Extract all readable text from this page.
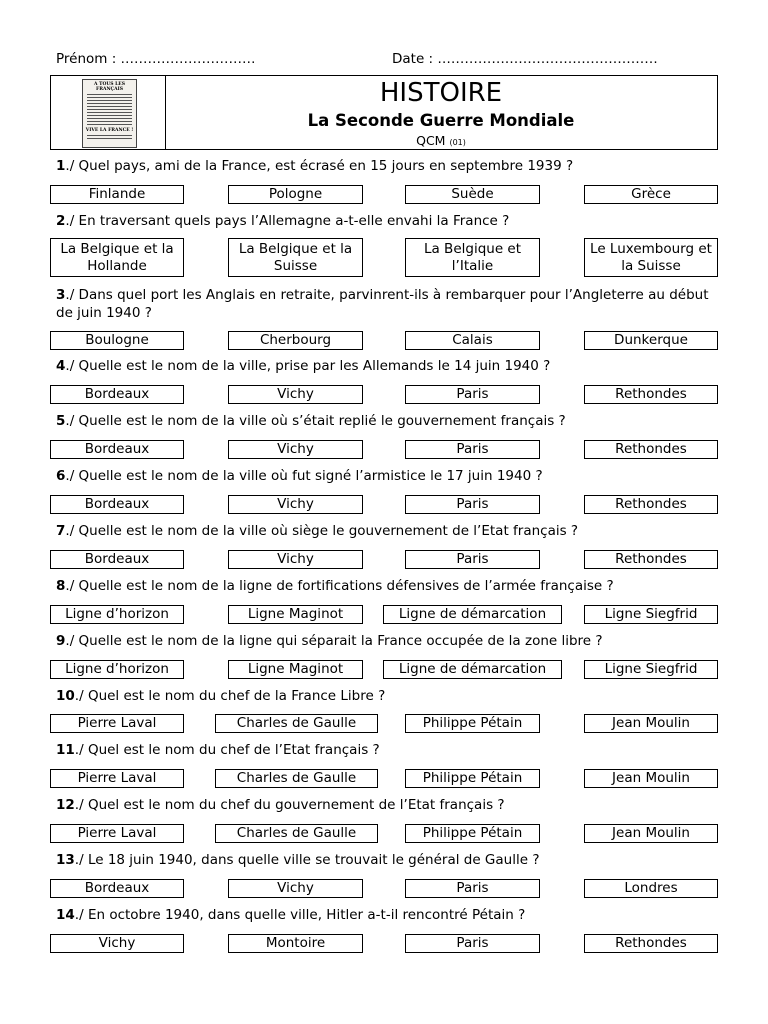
Prénom : …………………………	Date : …………….……………………………
A TOUS LES FRANÇAIS
VIVE LA FRANCE !
HISTOIRE
La Seconde Guerre Mondiale
QCM (01)
1./ Quel pays, ami de la France, est écrasé en 15 jours en septembre 1939 ?
Finlande	Pologne	Suède	Grèce
2./ En traversant quels pays l’Allemagne a-t-elle envahi la France ?
La Belgique et la Hollande
La Belgique et la Suisse
La Belgique et l’Italie
Le Luxembourg et la Suisse
3./ Dans quel port les Anglais en retraite, parvinrent-ils à rembarquer pour l’Angleterre au début de juin 1940 ?
Boulogne	Cherbourg	Calais	Dunkerque
4./ Quelle est le nom de la ville, prise par les Allemands le 14 juin 1940 ?
Bordeaux	Vichy	Paris	Rethondes
5./ Quelle est le nom de la ville où s’était replié le gouvernement français ?
Bordeaux	Vichy	Paris	Rethondes
6./ Quelle est le nom de la ville où fut signé l’armistice le 17 juin 1940 ?
Bordeaux	Vichy	Paris	Rethondes
7./ Quelle est le nom de la ville où siège le gouvernement de l’Etat français ?
Bordeaux	Vichy	Paris	Rethondes
8./ Quelle est le nom de la ligne de fortifications défensives de l’armée française ?
Ligne d’horizon	Ligne Maginot	Ligne de démarcation	Ligne Siegfrid
9./ Quelle est le nom de la ligne qui séparait la France occupée de la zone libre ?
Ligne d’horizon	Ligne Maginot	Ligne de démarcation	Ligne Siegfrid
10./ Quel est le nom du chef de la France Libre ?
Pierre Laval	Charles de Gaulle	Philippe Pétain	Jean Moulin
11./ Quel est le nom du chef de l’Etat français ?
Pierre Laval	Charles de Gaulle	Philippe Pétain	Jean Moulin
12./ Quel est le nom du chef du gouvernement de l’Etat français ?
Pierre Laval	Charles de Gaulle	Philippe Pétain	Jean Moulin
13./ Le 18 juin 1940, dans quelle ville se trouvait le général de Gaulle ?
Bordeaux	Vichy	Paris	Londres
14./ En octobre 1940, dans quelle ville, Hitler a-t-il rencontré Pétain ?
Vichy	Montoire	Paris	Rethondes
